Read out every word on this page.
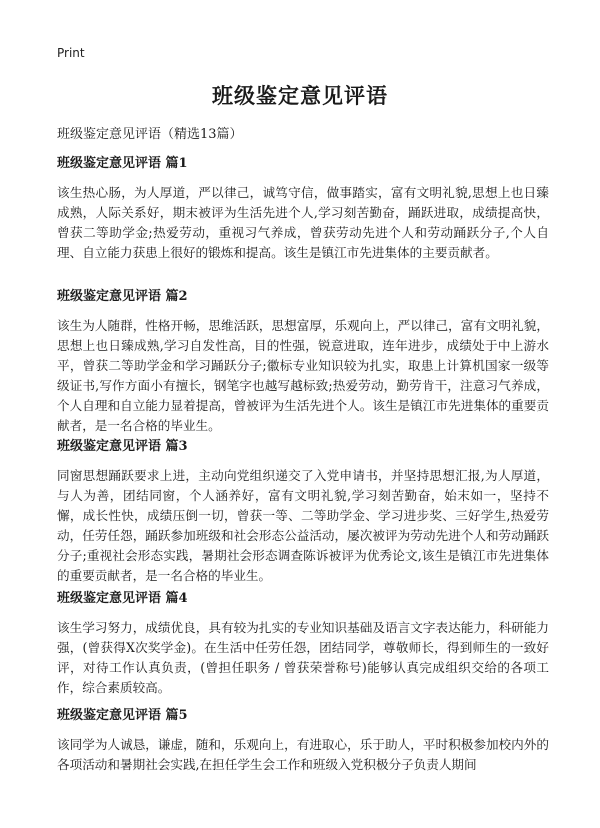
Print
班级鉴定意见评语
班级鉴定意见评语（精选13篇）
班级鉴定意见评语 篇1

该生热心肠，为人厚道，严以律己，诚笃守信，做事踏实，富有文明礼貌,思想上也日臻成熟，人际关系好，期末被评为生活先进个人,学习刻苦勤奋，踊跃进取，成绩提高快，曾获二等助学金;热爱劳动，重视习气养成，曾获劳动先进个人和劳动踊跃分子,个人自理、自立能力获患上很好的锻炼和提高。该生是镇江市先进集体的主要贡献者。

班级鉴定意见评语 篇2

该生为人随群，性格开畅，思维活跃，思想富厚，乐观向上，严以律己，富有文明礼貌，思想上也日臻成熟,学习自发性高，目的性强，锐意进取，连年进步，成绩处于中上游水平，曾获二等助学金和学习踊跃分子;徽标专业知识较为扎实，取患上计算机国家一级等级证书,写作方面小有擅长，钢笔字也越写越标致;热爱劳动，勤劳肯干，注意习气养成，个人自理和自立能力显着提高，曾被评为生活先进个人。该生是镇江市先进集体的重要贡献者，是一名合格的毕业生。

班级鉴定意见评语 篇3

同窗思想踊跃要求上进，主动向党组织递交了入党申请书，并坚持思想汇报,为人厚道，与人为善，团结同窗，个人涵养好，富有文明礼貌,学习刻苦勤奋，始末如一，坚持不懈，成长性快，成绩压倒一切，曾获一等、二等助学金、学习进步奖、三好学生,热爱劳动，任劳任怨，踊跃参加班级和社会形态公益活动，屡次被评为劳动先进个人和劳动踊跃分子;重视社会形态实践，暑期社会形态调查陈诉被评为优秀论文,该生是镇江市先进集体的重要贡献者，是一名合格的毕业生。

班级鉴定意见评语 篇4

该生学习努力，成绩优良，具有较为扎实的专业知识基础及语言文字表达能力，科研能力强，(曾获得X次奖学金)。在生活中任劳任怨，团结同学，尊敬师长，得到师生的一致好评，对待工作认真负责，(曾担任职务 / 曾获荣誉称号)能够认真完成组织交给的各项工作，综合素质较高。

班级鉴定意见评语 篇5

该同学为人诚恳，谦虚，随和，乐观向上，有进取心，乐于助人，平时积极参加校内外的各项活动和暑期社会实践,在担任学生会工作和班级入党积极分子负责人期间
